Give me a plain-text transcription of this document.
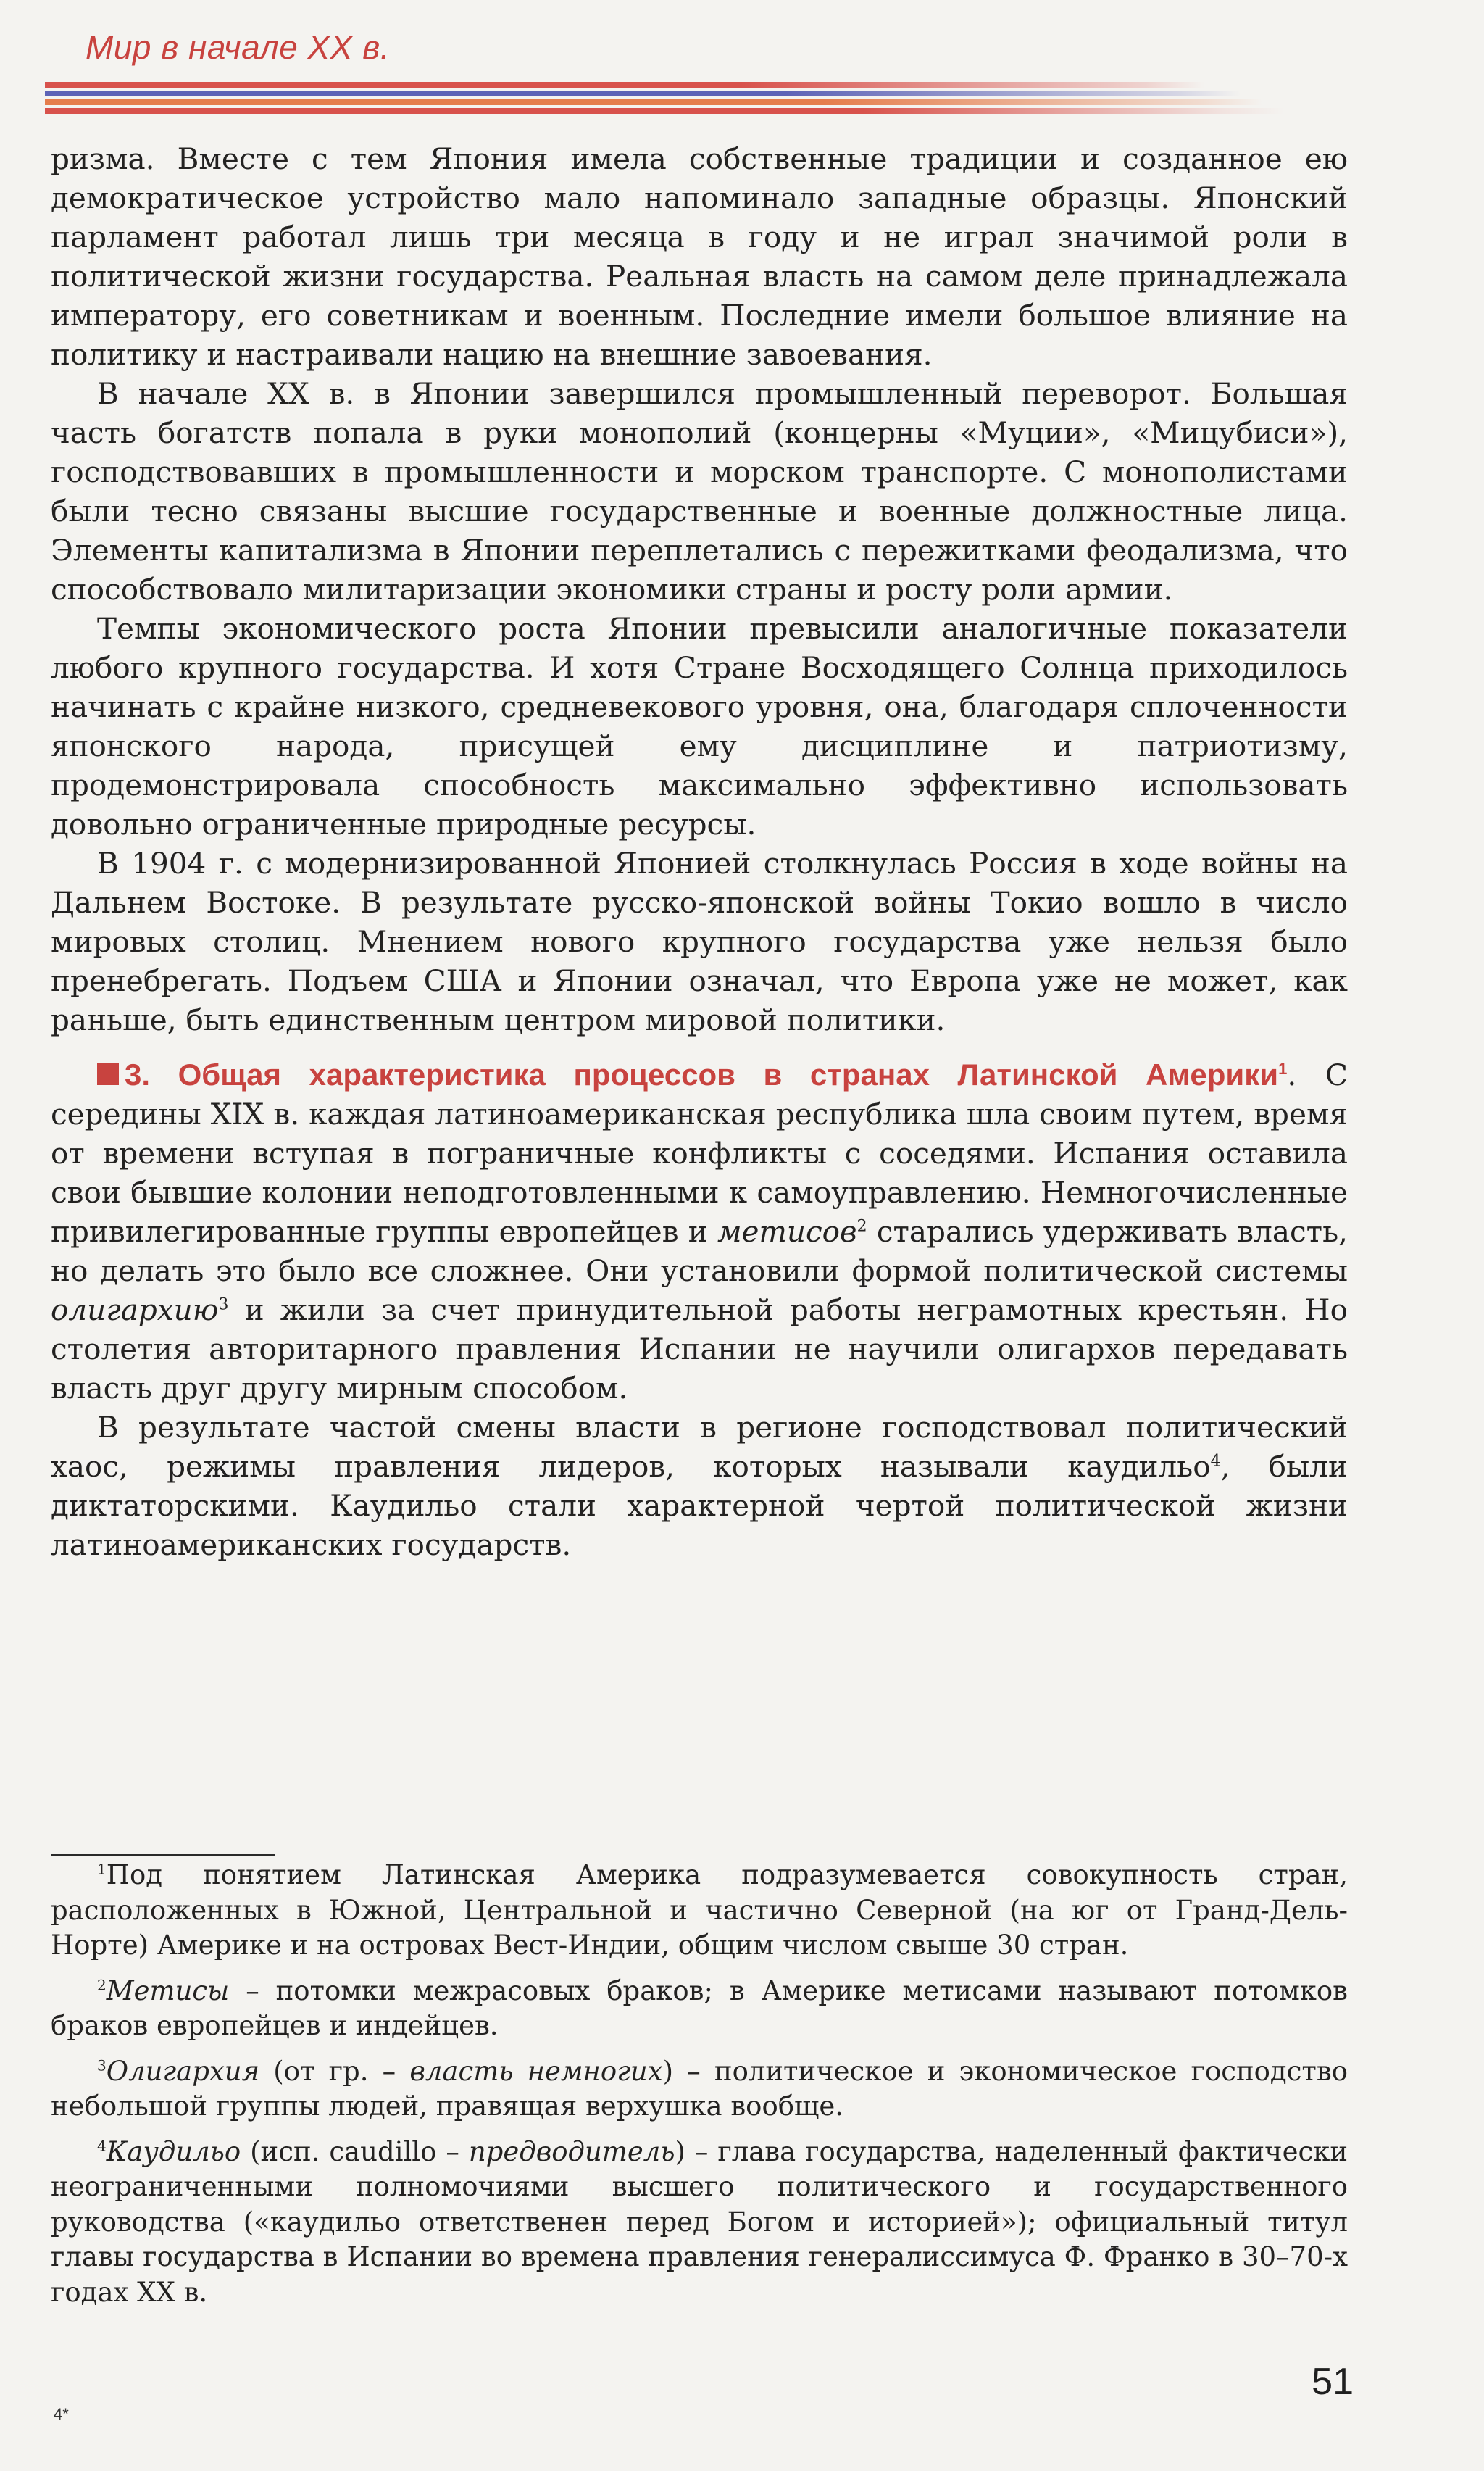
Мир в начале XX в.

ризма. Вместе с тем Япония имела собственные традиции и созданное ею демократическое устройство мало напоминало западные образцы. Японский парламент работал лишь три месяца в году и не играл значимой роли в политической жизни государства. Реальная власть на самом деле принадлежала императору, его советникам и военным. Последние имели большое влияние на политику и настраивали нацию на внешние завоевания.

В начале XX в. в Японии завершился промышленный переворот. Большая часть богатств попала в руки монополий (концерны «Муции», «Мицубиси»), господствовавших в промышленности и морском транспорте. С монополистами были тесно связаны высшие государственные и военные должностные лица. Элементы капитализма в Японии переплетались с пережитками феодализма, что способствовало милитаризации экономики страны и росту роли армии.

Темпы экономического роста Японии превысили аналогичные показатели любого крупного государства. И хотя Стране Восходящего Солнца приходилось начинать с крайне низкого, средневекового уровня, она, благодаря сплоченности японского народа, присущей ему дисциплине и патриотизму, продемонстрировала способность максимально эффективно использовать довольно ограниченные природные ресурсы.

В 1904 г. с модернизированной Японией столкнулась Россия в ходе войны на Дальнем Востоке. В результате русско-японской войны Токио вошло в число мировых столиц. Мнением нового крупного государства уже нельзя было пренебрегать. Подъем США и Японии означал, что Европа уже не может, как раньше, быть единственным центром мировой политики.

3. Общая характеристика процессов в странах Латинской Америки$^1$. С середины XIX в. каждая латиноамериканская республика шла своим путем, время от времени вступая в пограничные конфликты с соседями. Испания оставила свои бывшие колонии неподготовленными к самоуправлению. Немногочисленные привилегированные группы европейцев и метисов$^2$ старались удерживать власть, но делать это было все сложнее. Они установили формой политической системы олигархию$^3$ и жили за счет принудительной работы неграмотных крестьян. Но столетия авторитарного правления Испании не научили олигархов передавать власть друг другу мирным способом.

В результате частой смены власти в регионе господствовал политический хаос, режимы правления лидеров, которых называли каудильо$^4$, были диктаторскими. Каудильо стали характерной чертой политической жизни латиноамериканских государств.

$^1$Под понятием Латинская Америка подразумевается совокупность стран, расположенных в Южной, Центральной и частично Северной (на юг от Гранд-Дель-Норте) Америке и на островах Вест-Индии, общим числом свыше 30 стран.

$^2$Метисы – потомки межрасовых браков; в Америке метисами называют потомков браков европейцев и индейцев.

$^3$Олигархия (от гр. – власть немногих) – политическое и экономическое господство небольшой группы людей, правящая верхушка вообще.

$^4$Каудильо (исп. caudillo – предводитель) – глава государства, наделенный фактически неограниченными полномочиями высшего политического и государственного руководства («каудильо ответственен перед Богом и историей»); официальный титул главы государства в Испании во времена правления генералиссимуса Ф. Франко в 30–70-х годах XX в.

51
4*
